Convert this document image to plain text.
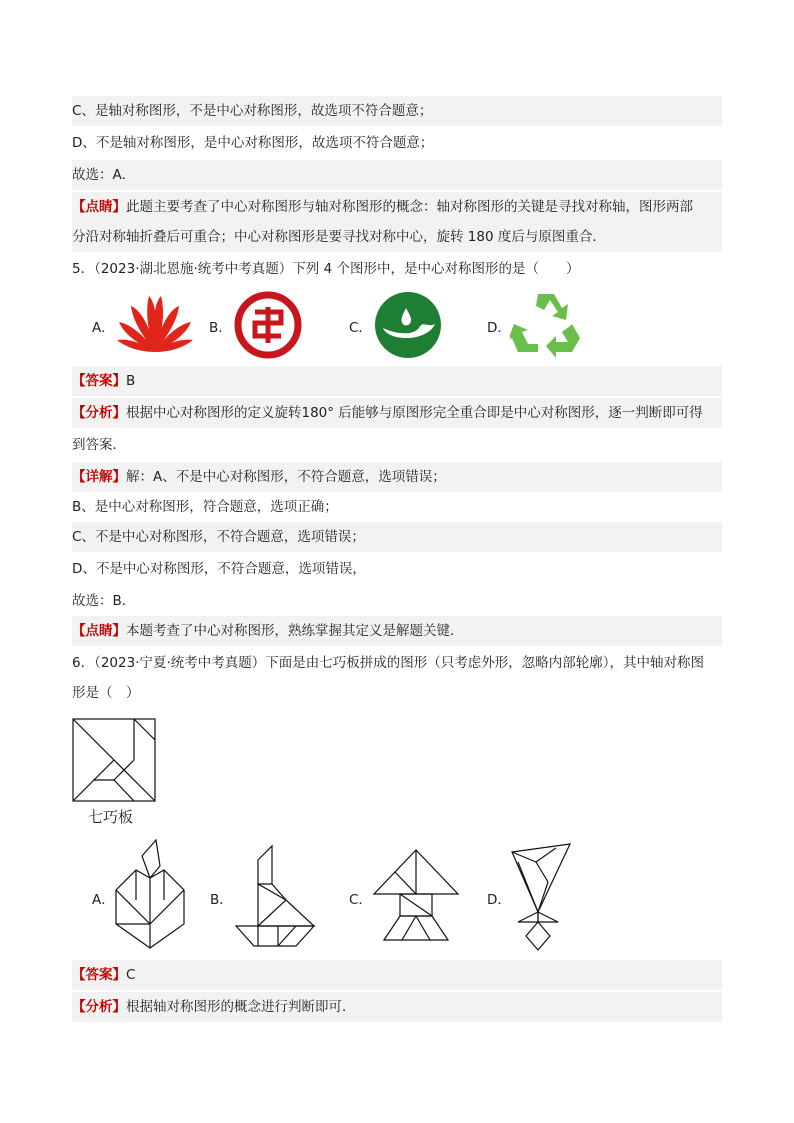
C、是轴对称图形，不是中心对称图形，故选项不符合题意；
D、不是轴对称图形，是中心对称图形，故选项不符合题意；
故选：A．
【点睛】此题主要考查了中心对称图形与轴对称图形的概念：轴对称图形的关键是寻找对称轴，图形两部
分沿对称轴折叠后可重合；中心对称图形是要寻找对称中心，旋转 180 度后与原图重合．
5．（2023·湖北恩施·统考中考真题）下列 4 个图形中，是中心对称图形的是（　　）
A．	B．	C．	D．
【答案】B
【分析】根据中心对称图形的定义旋转180° 后能够与原图形完全重合即是中心对称图形，逐一判断即可得
到答案．
【详解】解：A、不是中心对称图形，不符合题意，选项错误；
B、是中心对称图形，符合题意，选项正确；
C、不是中心对称图形，不符合题意，选项错误；
D、不是中心对称图形，不符合题意，选项错误，
故选：B．
【点睛】本题考查了中心对称图形，熟练掌握其定义是解题关键．
6．（2023·宁夏·统考中考真题）下面是由七巧板拼成的图形（只考虑外形，忽略内部轮廓），其中轴对称图
形是（　）
七巧板
A．	B．	C．	D．
【答案】C
【分析】根据轴对称图形的概念进行判断即可．
